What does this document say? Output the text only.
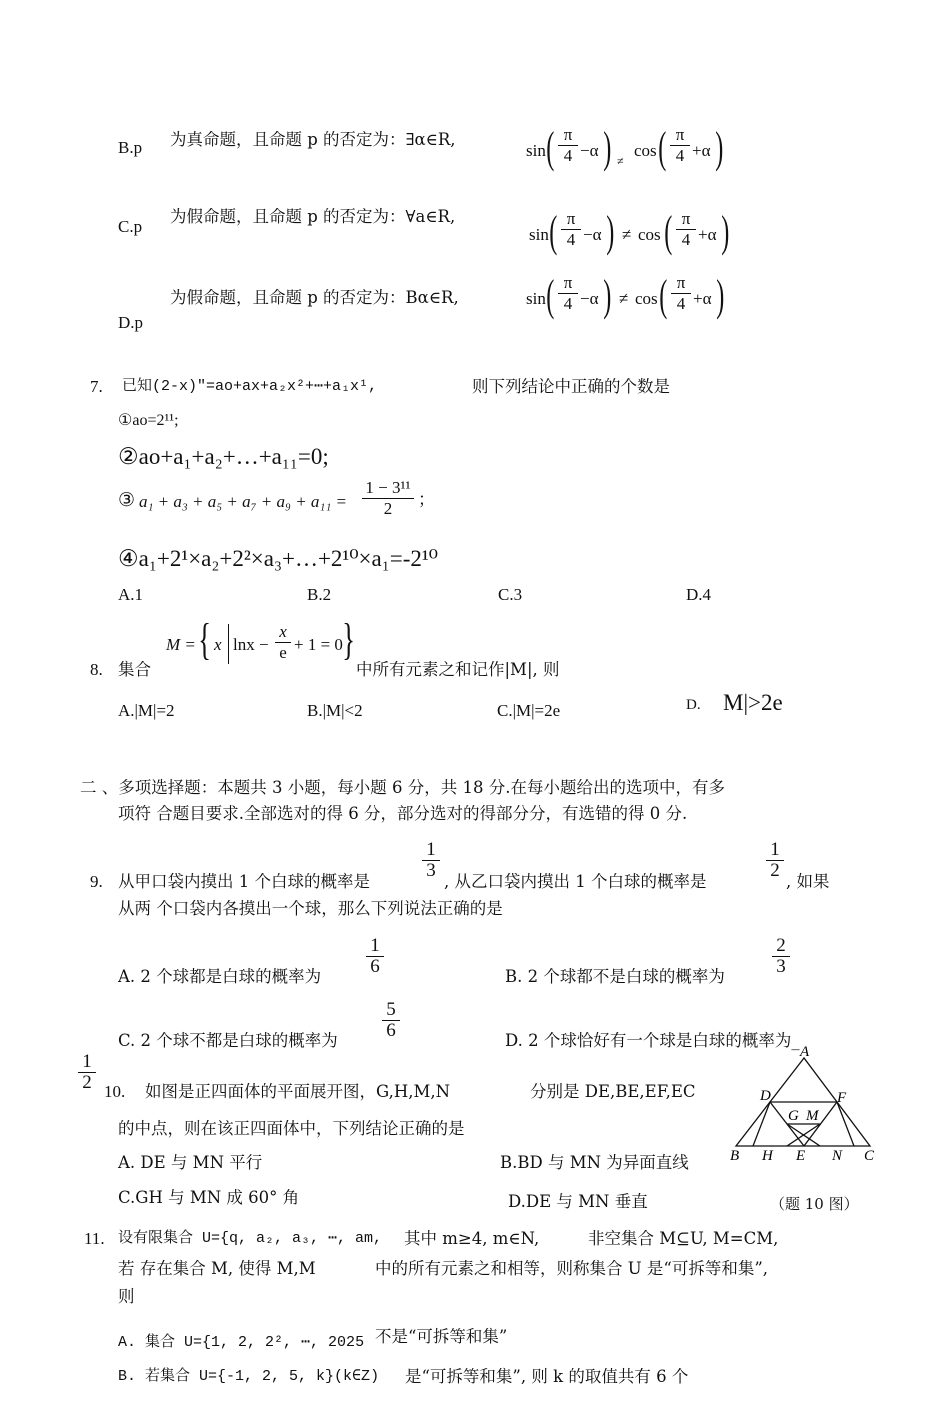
B.p 为真命题，且命题 p 的否定为：∃α∈R,
sin ( π
4 −α ) ≠
cos ( π
4 +α )
C.p
为假命题，且命题 p 的否定为：∀a∈R,
sin ( π
4 −α ) ≠ cos ( π
4 +α )
为假命题，且命题 p 的否定为：Bα∈R,
D.p
sin ( π
4 −α ) ≠ cos ( π
4 +α )
7. 已知(2-x)″=ao+ax+a₂x²+⋯+a₁x¹,	则下列结论中正确的个数是
①ao=2¹¹;
②ao+a₁+a₂+…+a₁₁=0;
③ a₁ + a₃ + a₅ + a₇ + a₉ + a₁₁ =
1 − 3¹¹
2	；
④a₁+2¹×a₂+2²×a₃+…+2¹⁰×a₁=-2¹⁰
A.1	B.2	C.3	D.4
8. 集合
M = { x lnx −
x
e + 1 = 0 }
中所有元素之和记作|M|, 则
A.|M|=2	B.|M|<2	C.|M|=2e	D. M|>2e
二 、多项选择题：本题共 3 小题，每小题 6 分，共 18 分.在每小题给出的选项中，有多
项符 合题目要求.全部选对的得 6 分，部分选对的得部分分，有选错的得 0 分.
9. 从甲口袋内摸出 1 个白球的概率是
1
3
, 从乙口袋内摸出 1 个白球的概率是
1
2
, 如果
从两 个口袋内各摸出一个球，那么下列说法正确的是
A. 2 个球都是白球的概率为
1
6	B. 2 个球都不是白球的概率为
2
3
C. 2 个球不都是白球的概率为
5
6	D. 2 个球恰好有一个球是白球的概率为_
1
2 10. 如图是正四面体的平面展开图，G,H,M,N	分别是 DE,BE,EF,EC
的中点，则在该正四面体中，下列结论正确的是
A. DE 与 MN 平行	B.BD 与 MN 为异面直线
C.GH 与 MN 成 60° 角	D.DE 与 MN 垂直	（题 10 图）
A
D	F
G M
B H E N C
11. 设有限集合 U={q, a₂, a₃, ⋯, am, 其中 m≥4, m∈N,	非空集合 M⊆U, M=CM,
若 存在集合 M, 使得 M,M	中的所有元素之和相等，则称集合 U 是“可拆等和集”,
则
A. 集合 U={1, 2, 2², ⋯, 2025 不是“可拆等和集”
B. 若集合 U={-1, 2, 5, k}(k∈Z) 是“可拆等和集”, 则 k 的取值共有 6 个
